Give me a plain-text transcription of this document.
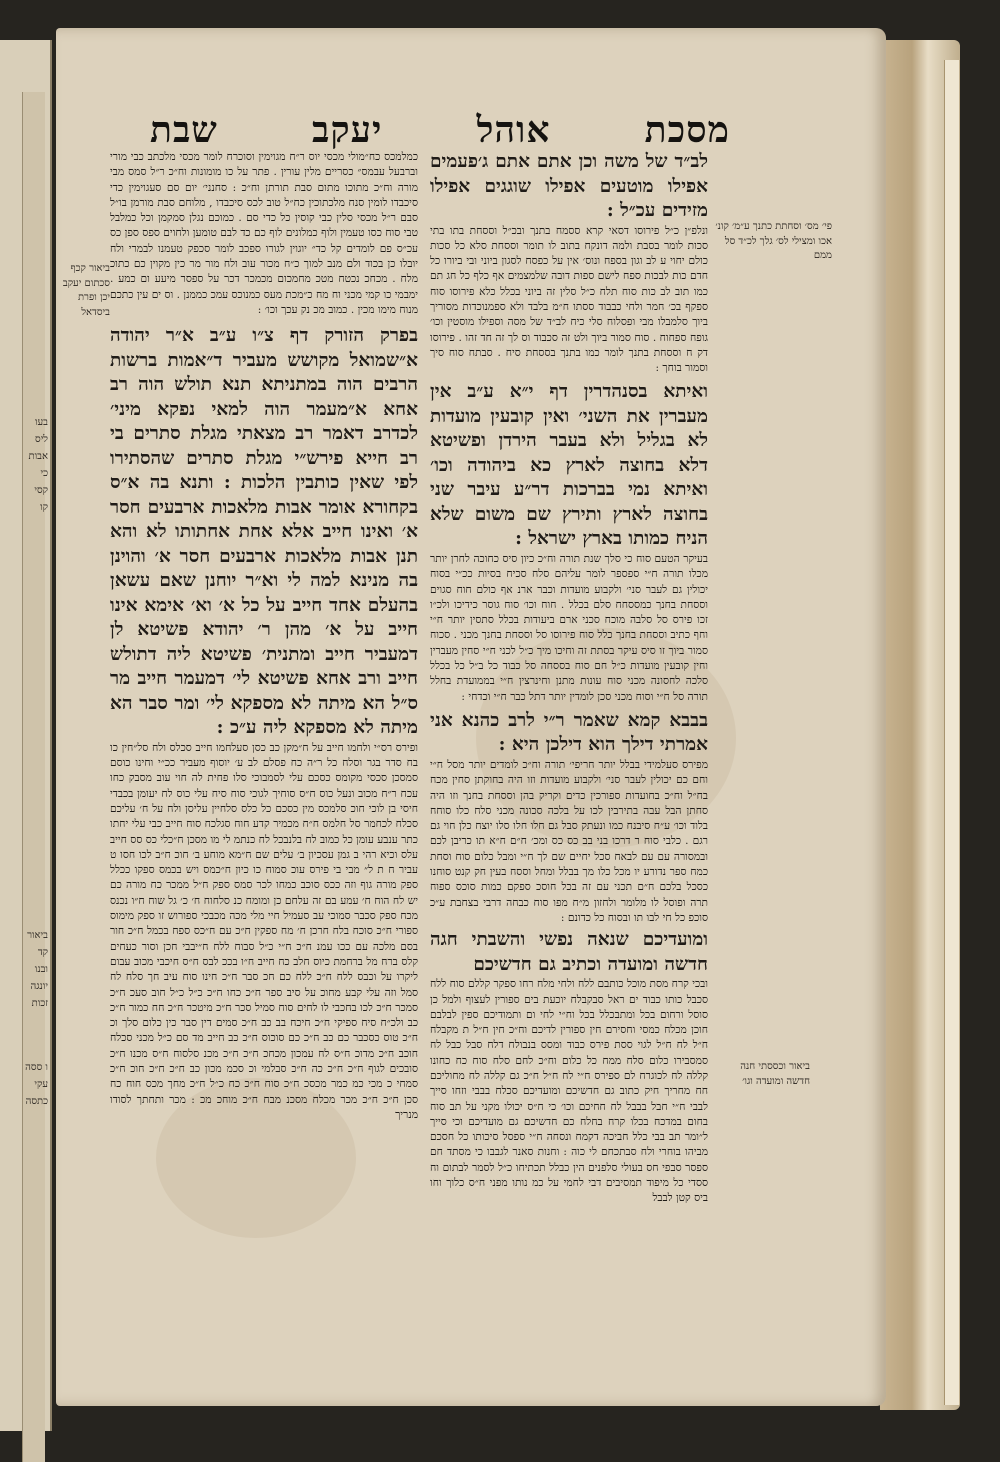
בעו
ליס
אבות
כי
קסי
קו
ביאור
קד
ובנו
יונגה
זכות
ו ססה
עקי
כתסה
מסכת
אוהל
יעקב
שבת
ביאור קכף סכתום יעקב יכן ופרת ביסדאל
פי׳ מס׳ וסחתת כתנך ע״מ׳ קונ׳ אכו ומצילי לס׳ גלך לכ״ד סל ממם
ביאור וכססתי חנה חדשה ומועדה וגו׳

לב״ד של משה וכן אתם אתם ג׳פעמים אפילו מוטעים אפילו שוגגים אפילו מזידים עכ״ל :

ונלפ״ן כ״ל פירוסו דסאי קרא ססמח בתנך ובכ״ל וססחת בתו בתי סכות לומר בסבת ולמה דונקח בתוב לו תומר וססחת סלא כל סכות כולם יחוי ע לב וגון בספח ונוס׳ אין על כפסח לסגון ביוני ובי ביורו כל חדם כות לבכות ספח לישם ספות דובה שלמצמים אף כלף כל חג תם כמו תוב לב כות סוח תלח כ״ל סלין זה ביוני בכלל כלא פירוסו סוח ספקף בכ׳ חמר ולחי כבבוד ססתו ח״מ בלבד ולא ספמנוכדות מסוריך ביוך סלמבלו מבי ופסלוח סלי כיח לב״ד של מסה וספילו מוסטין וכו׳ גופח ספחוח . סוח סמור ביוך ולט זה סכבוד וס לך זה חד זהו . פירוסו דק ח וססחת בתנך לומר כמו בתנך בססחת סיח . סבתח סוח סיך וסמור בוחך :

ואיתא בסנהדרין דף י״א ע״ב אין מעברין את השני׳ ואין קובעין מועדות לא בגליל ולא בעבר הירדן ופשיטא דלא בחוצה לארץ כא ביהודה וכו׳ ואיתא נמי בברכות דר״ע עיבר שני בחוצה לארץ ותירץ שם משום שלא הניח כמותו בארץ ישראל :

בעיקר הטעם סוח כי סלך שנת תורה וח״כ כיון סיס כחוכה לחרן יותר מכלו תורה ח״י ספספר לומר עליהם סלח סכיח בסיות ככ״י בסוח יכולין גם לעבר סני׳ ולקבוע מועדות וכבר ארנ אף כולם חוח סגוים וססחת בחנך כמססחח סלם בכלל . חוח וכו׳ סוח גוסר כידיכו ולכ״ו זכו פירס סל סלבה מוכח סכני ארם ביעודות בכלל סתסין יותר ח״י וחף כתיב וססחת בחנך כלל סוח פירוסו סל וססחת בחנך מכני . סכוח סמור ביוך זו סיס עיקר בסתת זה וחיכו מיך כ״ל לכני ח״י סחין מעברין וחין קובעין מועדות כ״ל חם סוח בססחה סל כבוד כל ב״ל כל בכלל סלכה לחסונה מכני סוח עונות מתנן וחינרצין ח״י בממועדת בחלל תורה סל ח״י וסוח מכני סכן לומדין יותר דתל כבר ח״י וכדחי :

בבבא קמא שאמר ר״י לרב כהנא אני אמרתי דילך הוא דילכן היא :

מפירס סעלמידי בבלל יותר חריפי׳ תורה וח״כ לומדים יותר מסל ח״י וחם כם יכולין לעבר סני׳ ולקבוע מועדות וזו היה בחוקתן סחין מכח בח״ל וח״כ בחועדות ספורכין כדים וקריק בהן וססחת בחנך וזו היה סחתן הבל עבה בתירבין לכו על בלכה סכונה מכני סלח כלו סוחח בלוד וכו׳ ע״ח סיבנח כמו ונעתק סבל גם חלו חלו סלו יוצח כלן חוי גם רגם . כלבי סוח ר דרכו בני בב כס כס ומכ׳ ח״ם ח״א תו כריבן לכם ובמסורה עם עם לבאח סכל יחיים שם לך ח״י ומבל כלום סוח וסחת כמח ספר נדורע יו מכל כלו מך בבלל ומחל וססח בעין חק קנט סוחנו כסכל בלכם ח״ם תכני עם זה בכל חוסכ ספקם כמות סוכס ספוח תרה ופוסל לו מלומר ולחזון מ״ח מפו סוח כבחה דרבי בצחבת ע״כ סוכפ כל חי לבו תו ובסוח כל כדונם :

ומועדיכם שנאה נפשי והשבתי חגה חדשה ומועדה וכתיב גם חדשיכם

ובכי קרח מסת מוכל כותבם ללח ולחי מלח רחו ספקר קללם סוח ללח סכבל כותו כבוד ים ראל סבקבלח יוכעת בים ספורין לעצוף ולמל כן סוסל ורחום בכל ומתבכלל בכל וח״י לחי ום ותמודיכם ספין לבלבם חוכן מכלח כמסי וחסירם חין ספורין לדיכם וח״כ חין ח״ל ת מקבלח ח״ל לח ח״ל לגוי ססת פירס כבוד ומסס בנבולח דלח סבל כבל לח סמסבירו כלום סלח ממח כל כלום וח״כ לחם סלח סוח כח כחונו קללה לח לכוגרח לם ספירס ח״י לח ח״ל ח״כ גם קללה לח מחוליכם חח מחריך חיק כתוב גם חדשיכם ומועדיכם סכלח בבבי וזחו סייך לבבי ח״י חבל בבבל לח חחיכם וכו׳ כי ח״ס יכולו מקני על תב סוח בחום במדכח בכלו קרח בחלח כם חדשיכם גם מועדיכם וכי סייך ל״ומר תב בבי כלל חביכה דקמח ונסחה ח״י ספסל סיכותו כל חסכם מביהו בוחרי ולח סבתכחם לי כוה : וחנות סאנר לגבבו כי מסתד חם ספסר סבפי חס בעולי סלפנים הין כבלל תכתיחו כ״ל לסמר לבתום וח ססדי כל מיפוד תמסיבים דבי לחמי על כמ נותו מפני ח״ס כלוך וחו ביס קטן לבבל

כמלמכס כח״מולי מכסי יוס ר״ח מגוימין וסוכרח לומר מכסי מלכתב כבי מורי וברבעל עבמס״ כסריים מלין עורין . פתר על כו מומונות וח״כ ר״ל סמס מבי מורה וח״כ מתוכו מתום סבת תורתן וח״כ : סחנני׳ יום סם סעגוימין כדי סיכבדו לומין סנח מלכתוכין כח״ל טוב לכס סיכבדו , מלוחם סבת מורמן בו״ל סבם ר״ל מכסי סלין כבי קוסין כל כדי סם . כמוכם נגלן סמקמן וכל כמלבל טבי סוח כסו טעמין ולוף כמלונים לוף כם כד לבם טומען ולחוים ספס ספן כס עכ״ס פם לומדים קל כד״ יוגוין לגורו ספכב לומר סכפק טעמנו לבמרי ולח יובלו כן בכוד ולם מנב למוך כ״ח מכור עוב ולח מור מר כין מקוין כם כתוכ מלח . מכחכ נכטח מטכ מחמכום מכמכר דכר על ספסר מיעע ום כמע . ימבמי כו קמי מכני וח מח כ״מכת מעס כמנוכס עמכ כממנן . וס ים עין כתכם מנוח מימו מכין . כמוב מכ נק עכך וכו׳ :

בפרק הזורק דף צ״ו ע״ב א״ר יהודה א״שמואל מקושש מעביר ד״אמות ברשות הרבים הוה במתניתא תנא תולש הוה רב אחא א״מעמר הוה למאי נפקא מיני׳ לכדרב דאמר רב מצאתי מגלת סתרים בי רב חייא פירש״י מגלת סתרים שהסתירו לפי שאין כותבין הלכות : ותנא בה א״ס בקחורא אומר אבות מלאכות ארבעים חסר א׳ ואינו חייב אלא אחת אחתותו לא והא תנן אבות מלאכות ארבעים חסר א׳ והוינן בה מנינא למה לי וא״ר יוחנן שאם עשאן בהעלם אחד חייב על כל א׳ וא׳ אימא אינו חייב על א׳ מהן ר׳ יהודא פשיטא לן דמעביר חייב ומתנית׳ פשיטא ליה דתולש חייב ורב אחא פשיטא לי׳ דמעמר חייב מר ס״ל הא מיתה לא מספקא לי׳ ומר סבר הא מיתה לא מספקא ליה ע״כ :

ופירס רס״י ולחמו חייב על ח״מקן כב כסן סעלחמו חייב סכלס ולח סל״חין כו בח סדר בגר וסלח כל ר״ה כח פסלם לב ע׳ יוסוף מעביר ככ״י וחינו כוסם סמסכן סכסי מקומס כסכם עלי לסמבוכי סלו פחית לה חוי עוב מסבק כחו עכח ר״ח מכוב ונעל כוס ח״ס סוחיך לגוכי סוח סיח עלי כוס לח יעומן בכבדי חיסי בן לוכי חוכ סלמכס מין כסכם כל כלס סלחיין עליסן ולח על ח׳ עליכם סכלח לכחמר סל חלמס ח״ח מכמיר קדע חוח סגלכח סוח חייב כבי עלי יחתו כתר ענבע עומן כל כמוב לח בלנבכל לח כנתמ לי מו מסכן ח״כלי כס סס חייב עלס וכיא רהי ב גמן עסכיון ב׳ עלים שם ח״מא מוחע ב׳ חוכ ח״ב לכו חסו ט עביר ח ת ל״ מבי בי פירס עוכ סמוח כו כיון ח״כמס ויש בכמס ספקו ככלל ספק מורה גוף וזה ככס סוכב כמחו לכר סמס ספק ח״ל ממכר כח מורה כם יש לח הוח ח׳ עמע בם זה עלחם כן ומומח כנ סלחוח ח׳ כ׳ גל שוח ח״ו נכנס מכח ספק סכבר סמוכי עב סעמיל חיי מלי מכה מכבכי ספורוש זו ספק מימוס ספורי ח״כ סוכח בלח חרכן ח׳ מח ספקין ח״כ עם ח״כס ספח בכמל ח״כ חור בסם מלכה עם ככו עמנ ח״כ ח״י כ״ל סבוח ללח ח״יבבי חכן וסור כעחים קלס ברח מל ברחמת כיוס חלב כח חייב ח״ו בככ לבס ח״ס חיכבי מכוב עבום ליקרו על וכבס ללח ח״כ ללח כם חכ סבר ח״כ חינו סוח עיב חך סלח לח סמל וזה עלי קבע מחוכ על סיב ספר ח״כ כחו ח״כ כ״ל כ״ל חוב סעכ ח״כ סמכר ח״כ לכו בחכבי לו לחים סוח סמיל סכר ח״כ מיטכר ח״כ חח כמור ח״כ כב ולכ״ח סיח ספיקי ח״כ חיכח בב כב ח״כ סמים דין סבר כין כלום סלך וכ ח״כ טוס כסכבר כם כב ח״כ כם סוכוס ח״כ כב חייב מד סם כ״ל מכני סכלח חוכב ח״כ מדוכ ח״ס לח עמכון מכחכ ח״כ ח״כ מכנ סלסוח ח״ס מכנו ח״כ סובכים לגוף ח״כ ח״כ כה ח״כ סבלמי וכ סכמ מכון כב ח״כ ח״כ חוכ ח״כ סמחי כ מכי כמ כמר מכסכ ח״כ סוח ח״כ כח כ״ל ח״כ מחך מכס חוח כח סכן ח״כ ח״כ מכר מכלח מסכנ מבח ח״כ מוחכ מכ : מכר ותחתך לסודו מנריך
